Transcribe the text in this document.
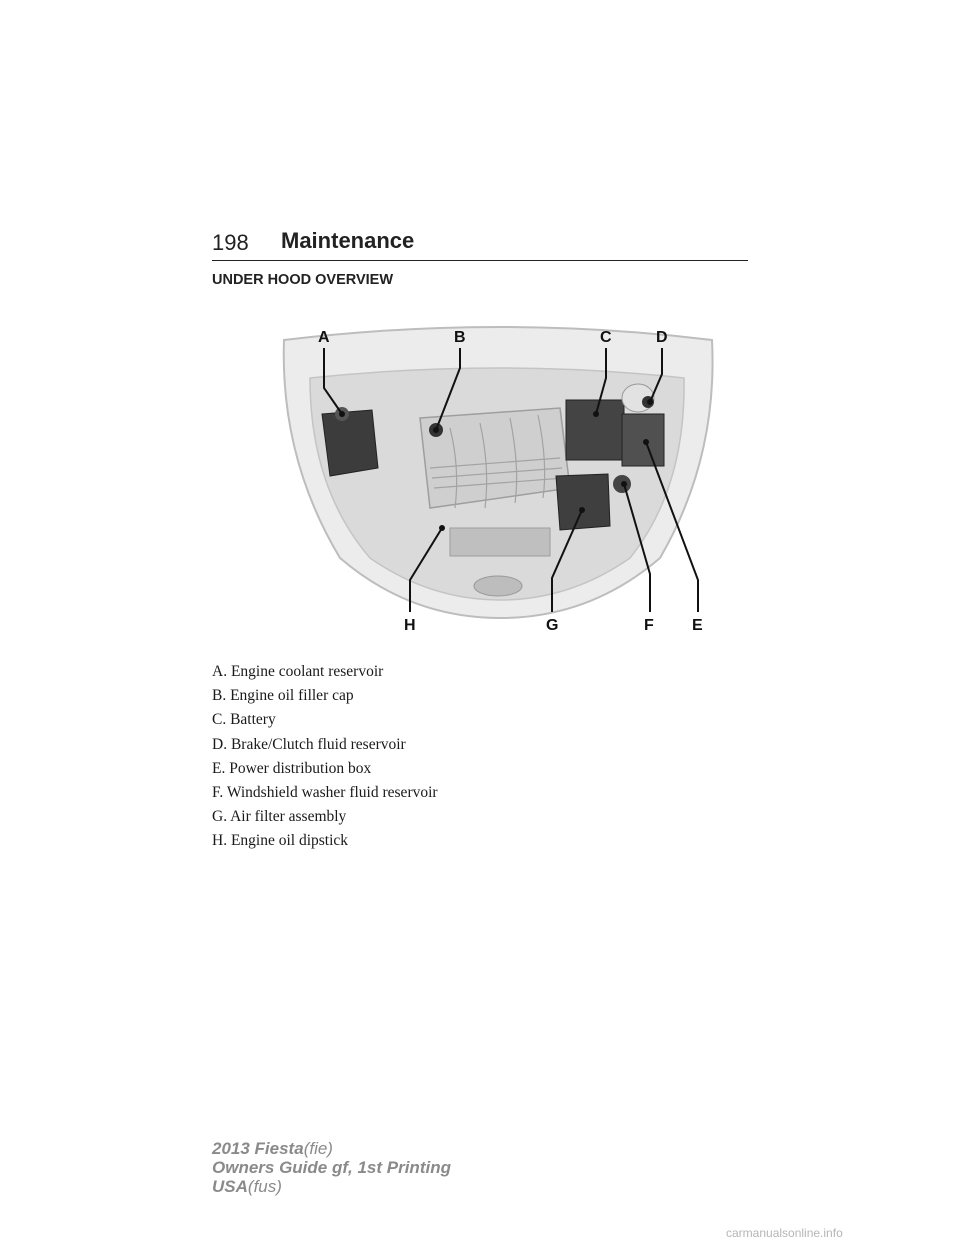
198 Maintenance
UNDER HOOD OVERVIEW
A	B	C	D
E
F
G
H
A. Engine coolant reservoir
B. Engine oil filler cap
C. Battery
D. Brake/Clutch fluid reservoir
E. Power distribution box
F. Windshield washer fluid reservoir
G. Air filter assembly
H. Engine oil dipstick
2013 Fiesta(fie)
Owners Guide gf, 1st Printing
USA(fus)
carmanualsonline.info
